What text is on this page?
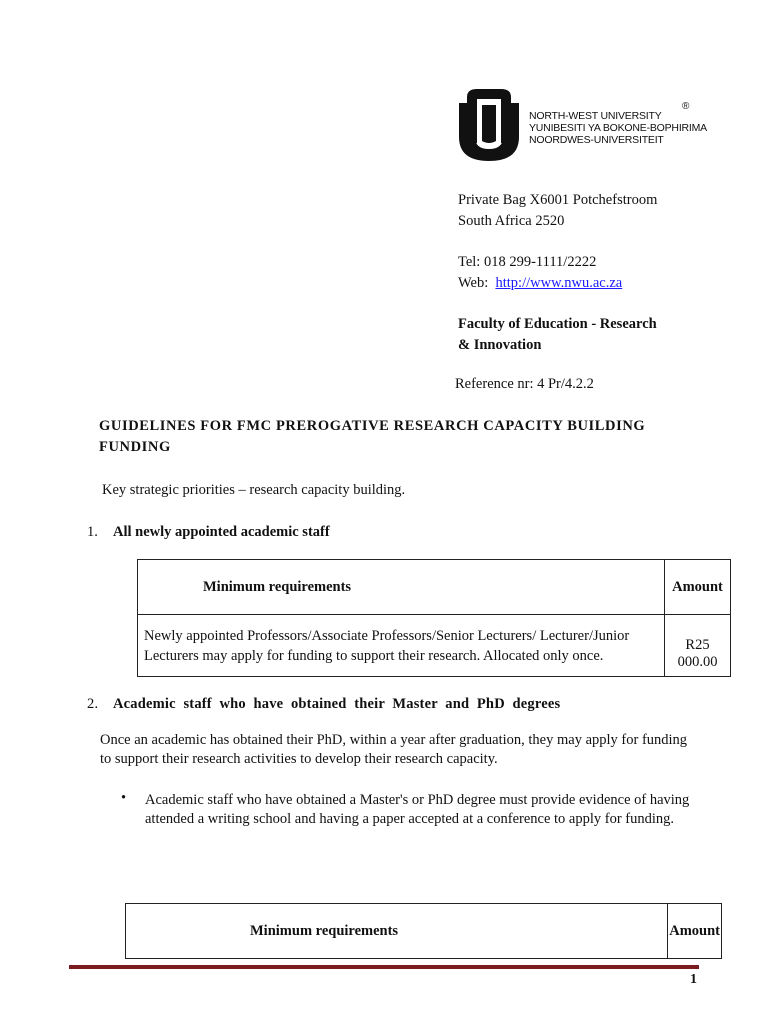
NORTH-WEST UNIVERSITY
YUNIBESITI YA BOKONE-BOPHIRIMA
NOORDWES-UNIVERSITEIT
®
Private Bag X6001 Potchefstroom
South Africa 2520
Tel: 018 299-1111/2222
Web: http://www.nwu.ac.za
Faculty of Education - Research
& Innovation
Reference nr: 4 Pr/4.2.2
GUIDELINES FOR FMC PREROGATIVE RESEARCH CAPACITY BUILDING FUNDING
Key strategic priorities – research capacity building.
1. All newly appointed academic staff
Minimum requirements	Amount
Newly appointed Professors/Associate Professors/Senior Lecturers/ Lecturer/Junior Lecturers may apply for funding to support their research. Allocated only once.	R25 000.00
2. Academic  staff  who  have  obtained  their  Master  and  PhD  degrees
Once an academic has obtained their PhD, within a year after graduation, they may apply for funding to support their research activities to develop their research capacity.
• Academic staff who have obtained a Master's or PhD degree must provide evidence of having attended a writing school and having a paper accepted at a conference to apply for funding.
Minimum requirements	Amount
1
